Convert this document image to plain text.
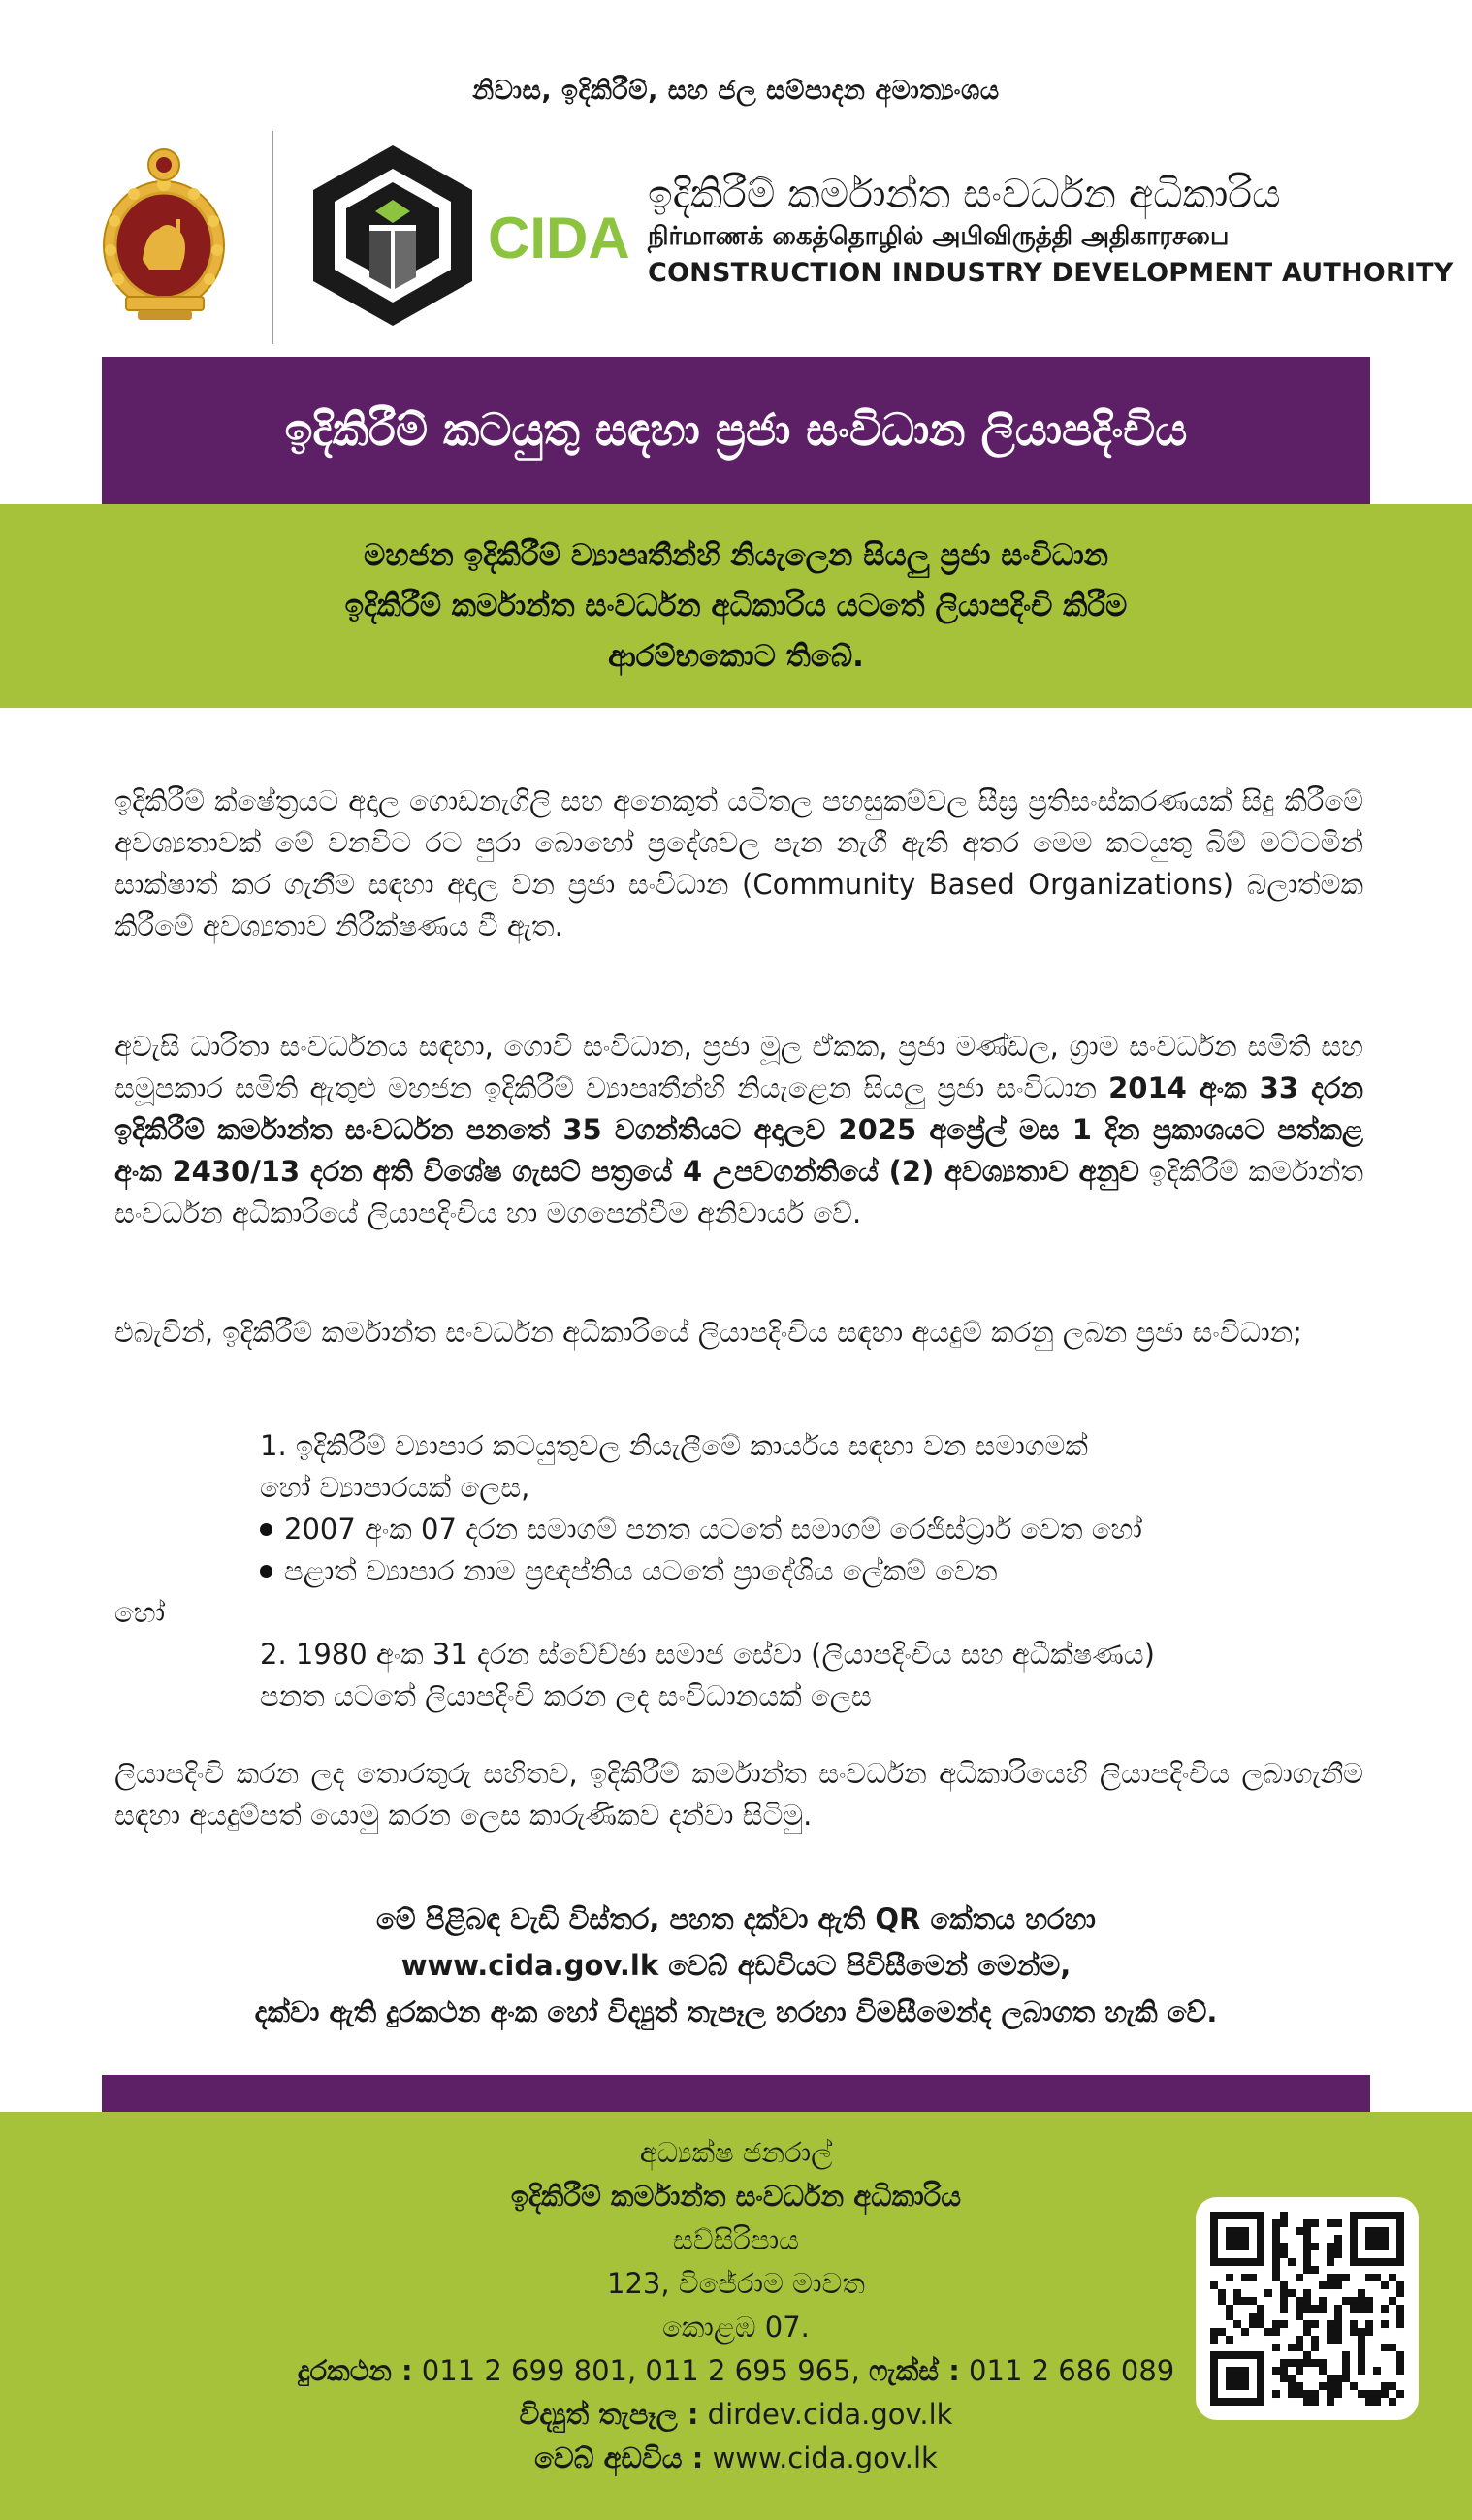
නිවාස, ඉදිකිරීම්, සහ ජල සම්පාදන අමාත්‍යංශය
CIDA
ඉදිකිරීම් කර්මාන්ත සංවර්ධන අධිකාරිය
நிர்மாணக் கைத்தொழில் அபிவிருத்தி அதிகாரசபை
CONSTRUCTION INDUSTRY DEVELOPMENT AUTHORITY
ඉදිකිරීම් කටයුතු සඳහා ප්‍රජා සංවිධාන ලියාපදිංචිය
මහජන ඉදිකිරීම් ව්‍යාපෘතීන්හි නියැලෙන සියලු ප්‍රජා සංවිධාන
ඉදිකිරීම් කර්මාන්ත සංවර්ධන අධිකාරිය යටතේ ලියාපදිංචි කිරීම
ආරම්භකොට තිබේ.
ඉදිකිරීම් ක්ෂේත්‍රයට අදාල ගොඩනැගිලි සහ අනෙකුත් යටිතල පහසුකම්වල සීඝ්‍ර ප්‍රතිසංස්කරණයක් සිදු කිරීමේ අවශ්‍යතාවක් මේ වනවිට රට පුරා බොහෝ ප්‍රදේශවල පැන නැගී ඇති අතර මෙම කටයුතු බිම් මට්ටමින් සාක්ෂාත් කර ගැනීම සඳහා අදාල වන ප්‍රජා සංවිධාන (Community Based Organizations) බලාත්මක කිරීමේ අවශ්‍යතාව නිරීක්ෂණය වී ඇත.
අවැසි ධාරිතා සංවර්ධනය සඳහා, ගොවි සංවිධාන, ප්‍රජා මූල ඒකක, ප්‍රජා මණ්ඩල, ග්‍රාම සංවර්ධන සමිති සහ සමූපකාර සමිති ඇතුළු මහජන ඉදිකිරීම් ව්‍යාපෘතීන්හි නියැළෙන සියලු ප්‍රජා සංවිධාන 2014 අංක 33 දරන ඉදිකිරීම් කර්මාන්ත සංවර්ධන පනතේ 35 වගන්තියට අදාලව 2025 අප්‍රේල් මස 1 දින ප්‍රකාශයට පත්කළ අංක 2430/13 දරන අති විශේෂ ගැසට් පත්‍රයේ 4 උපවගන්තියේ (2) අවශ්‍යතාව අනුව ඉදිකිරීම් කර්මාන්ත සංවර්ධන අධිකාරියේ ලියාපදිංචිය හා මගපෙන්වීම අනිවාර්ය වේ.
එබැවින්, ඉදිකිරීම් කර්මාන්ත සංවර්ධන අධිකාරියේ ලියාපදිංචිය සඳහා අයදුම් කරනු ලබන ප්‍රජා සංවිධාන;
1. ඉදිකිරීම් ව්‍යාපාර කටයුතුවල නියැලීමේ කාර්යය සඳහා වන සමාගමක්
හෝ ව්‍යාපාරයක් ලෙස,
2007 අංක 07 දරන සමාගම් පනත යටතේ සමාගම් රෙජිස්ට්‍රාර් වෙත හෝ
පළාත් ව්‍යාපාර නාම ප්‍රඥප්තිය යටතේ ප්‍රාදේශිය ලේකම් වෙත
හෝ
2. 1980 අංක 31 දරන ස්වේච්ඡා සමාජ සේවා (ලියාපදිංචිය සහ අධීක්ෂණය)
පනත යටතේ ලියාපදිංචි කරන ලද සංවිධානයක් ලෙස
ලියාපදිංචි කරන ලද තොරතුරු සහිතව, ඉදිකිරීම් කර්මාන්ත සංවර්ධන අධිකාරියෙහි ලියාපදිංචිය ලබාගැනීම සඳහා අයදුම්පත් යොමු කරන ලෙස කාරුණිකව දන්වා සිටිමු.
මේ පිළිබඳ වැඩි විස්තර, පහත දක්වා ඇති QR කේතය හරහා
www.cida.gov.lk වෙබ් අඩවියට පිවිසීමෙන් මෙන්ම,
දක්වා ඇති දුරකථන අංක හෝ විද්‍යුත් තැපෑල හරහා විමසීමෙන්ද ලබාගත හැකි වේ.
අධ්‍යක්ෂ ජනරාල්
ඉදිකිරීම් කර්මාන්ත සංවර්ධන අධිකාරිය
සව්සිරිපාය
123, විජේරාම මාවත
කොළඹ 07.
දුරකථන : 011 2 699 801, 011 2 695 965, ෆැක්ස් : 011 2 686 089
විද්‍යුත් තැපෑල : dirdev.cida.gov.lk
වෙබ් අඩවිය : www.cida.gov.lk
